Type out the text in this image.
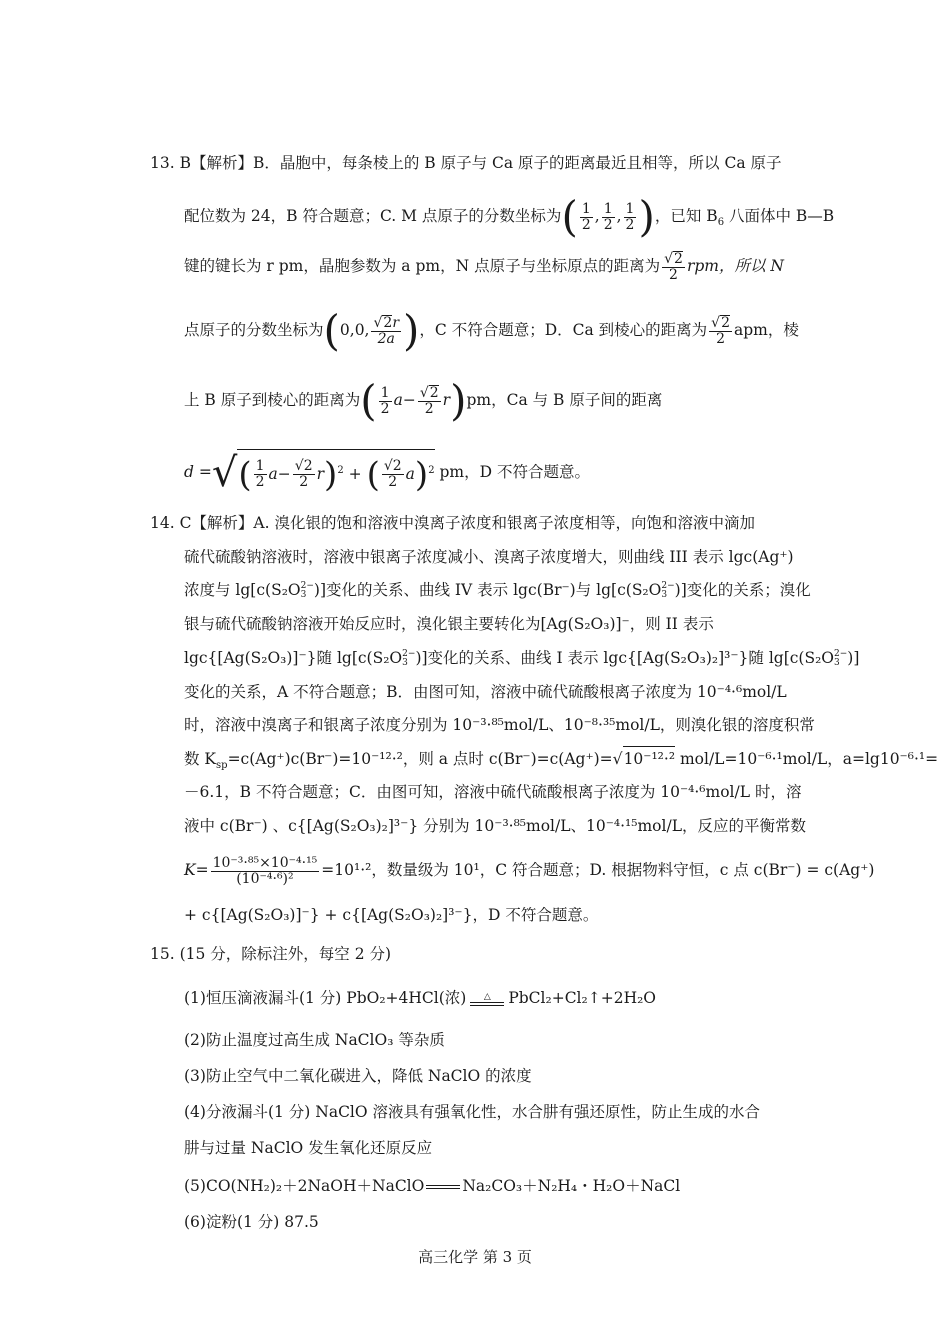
13. B【解析】B．晶胞中，每条棱上的 B 原子与 Ca 原子的距离最近且相等，所以 Ca 原子
配位数为 24，B 符合题意；C. M 点原子的分数坐标为( $\frac{1}{2}$ , $\frac{1}{2}$ , $\frac{1}{2}$ )，已知 $B_6$ 八面体中 B—B
键的键长为 r pm，晶胞参数为 a pm，N 点原子与坐标原点的距离为 $\frac{√2}{2}$ rpm，所以 N
点原子的分数坐标为(0,0, $\frac{√2r}{2a}$ )，C 不符合题意；D．Ca 到棱心的距离为 $\frac{√2}{2}$ apm，棱
上 B 原子到棱心的距离为( $\frac{1}{2} a- \frac{√2}{2} r)pm$，Ca 与 B 原子间的距离
d =√( $\frac{1}{2} a- \frac{√2}{2} r)^2$ + ( $\frac{√2}{2} a)^2$ pm，D 不符合题意。
14. C【解析】A. 溴化银的饱和溶液中溴离子浓度和银离子浓度相等，向饱和溶液中滴加
硫代硫酸钠溶液时，溶液中银离子浓度减小、溴离子浓度增大，则曲线 III 表示 lgc(Ag⁺)
浓度与 lg[c(S₂O 2−
3 )]变化的关系、曲线 IV 表示 lgc(Br⁻)与 lg[c(S₂O 2−
3 )]变化的关系；溴化
银与硫代硫酸钠溶液开始反应时，溴化银主要转化为[Ag(S₂O₃)]⁻，则 II 表示
lgc{[Ag(S₂O₃)]⁻}随 lg[c(S₂O 2−
3 )]变化的关系、曲线 I 表示 lgc{[Ag(S₂O₃)₂]³⁻}随 lg[c(S₂O 2−
3 )]
变化的关系，A 不符合题意；B．由图可知，溶液中硫代硫酸根离子浓度为 10⁻⁴·⁶mol/L
时，溶液中溴离子和银离子浓度分别为 10⁻³·⁸⁵mol/L、10⁻⁸·³⁵mol/L，则溴化银的溶度积常
数 $K_{sp}=c(Ag^+)c(Br^-)=10^{-12}\cdot^2$，则 a 点时 c(Br⁻)=c(Ag⁺)=√10⁻¹²·² mol/L=10⁻⁶·¹mol/L，a=lg10⁻⁶·¹=
－6.1，B 不符合题意；C．由图可知，溶液中硫代硫酸根离子浓度为 10⁻⁴·⁶mol/L 时，溶
液中 c(Br⁻) 、c{[Ag(S₂O₃)₂]³⁻} 分别为 10⁻³·⁸⁵mol/L、10⁻⁴·¹⁵mol/L，反应的平衡常数
$K= \frac{\text{10⁻³·⁸⁵×10⁻⁴·¹⁵}}{\text{(10⁻⁴·⁶)²}} =10^1\cdot^2$，数量级为 10¹，C 符合题意；D. 根据物料守恒，c 点 c(Br⁻) = c(Ag⁺)
+ c{[Ag(S₂O₃)]⁻} + c{[Ag(S₂O₃)₂]³⁻}，D 不符合题意。
15. (15 分，除标注外，每空 2 分)
(1)恒压滴液漏斗(1 分) PbO₂+4HCl(浓) △ PbCl₂+Cl₂↑+2H₂O
(2)防止温度过高生成 NaClO₃ 等杂质
(3)防止空气中二氧化碳进入，降低 NaClO 的浓度
(4)分液漏斗(1 分) NaClO 溶液具有强氧化性，水合肼有强还原性，防止生成的水合
肼与过量 NaClO 发生氧化还原反应
(5)CO(NH₂)₂＋2NaOH＋NaClO Na₂CO₃＋N₂H₄・H₂O＋NaCl
(6)淀粉(1 分) 87.5
高三化学 第 3 页
